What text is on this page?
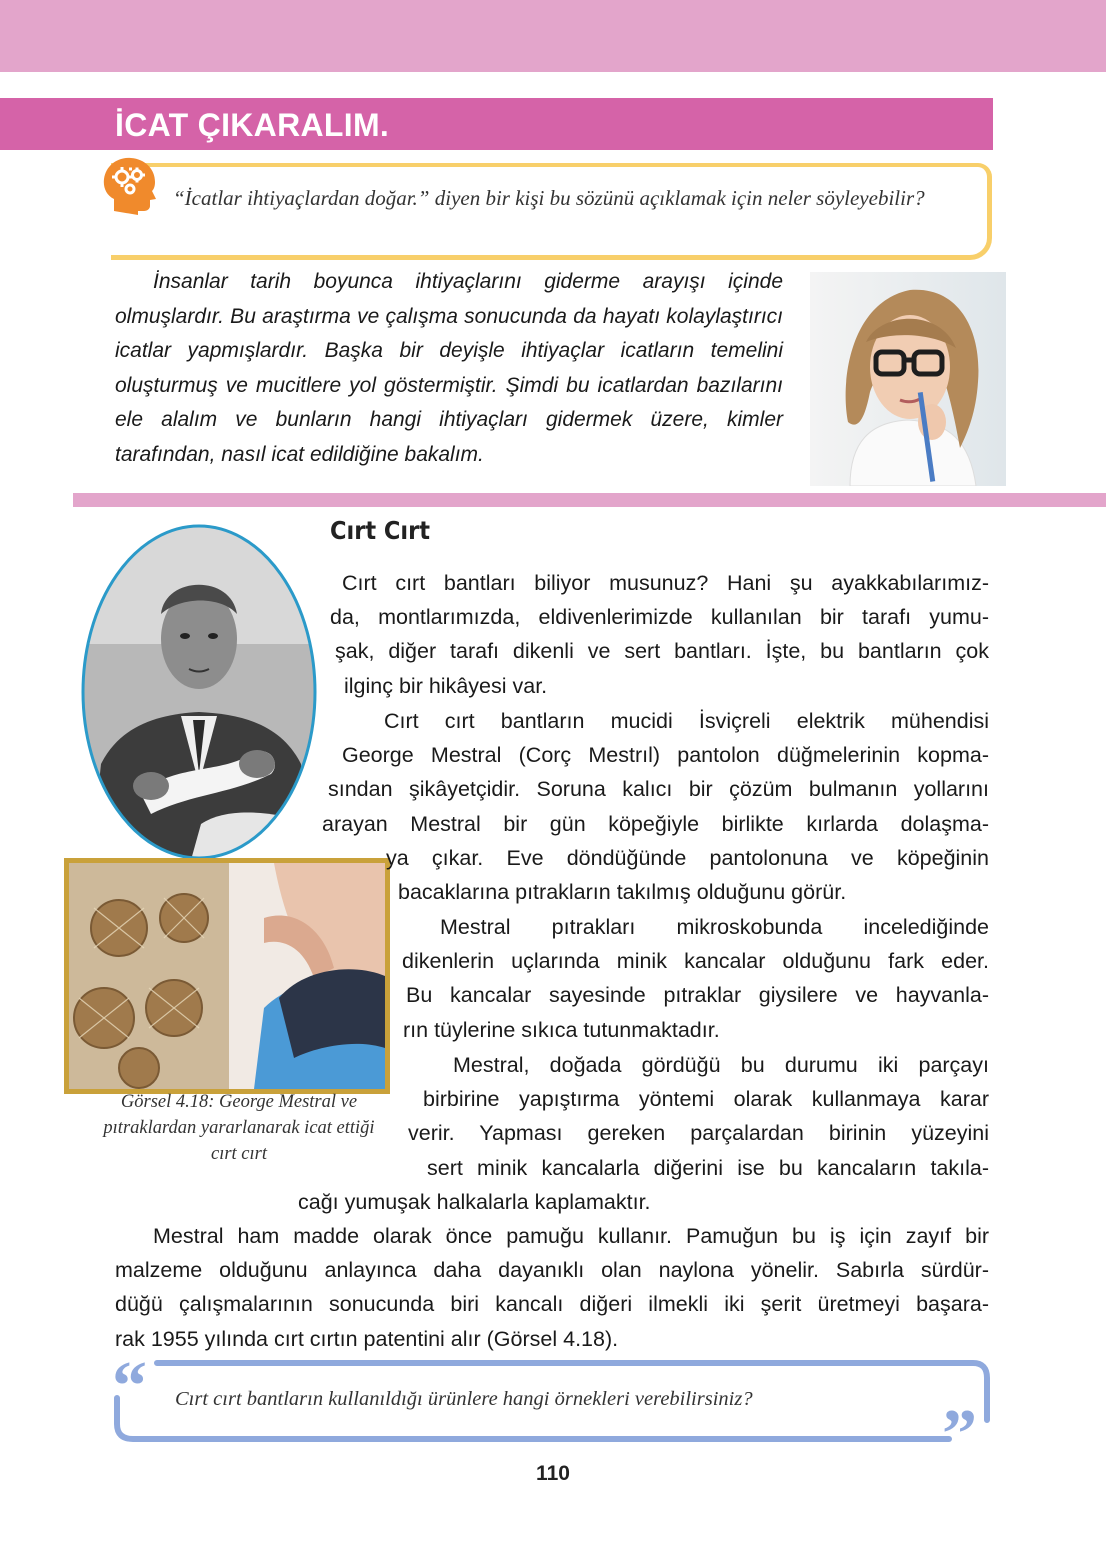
İCAT ÇIKARALIM.

“İcatlar ihtiyaçlardan doğar.” diyen bir kişi bu sözünü açıklamak için neler söyleyebilir?

İnsanlar tarih boyunca ihtiyaçlarını giderme arayışı içinde olmuşlardır. Bu araştırma ve çalışma sonucunda da hayatı kolaylaştırıcı icatlar yapmışlardır. Başka bir deyişle ihtiyaçlar icatların temelini oluşturmuş ve mucitlere yol göstermiştir. Şimdi bu icatlardan bazılarını ele alalım ve bunların hangi ihtiyaçları gidermek üzere, kimler tarafından, nasıl icat edildiğine bakalım.

Cırt Cırt
Cırt cırt bantları biliyor musunuz? Hani şu ayakkabılarımız-
da, montlarımızda, eldivenlerimizde kullanılan bir tarafı yumu-
şak, diğer tarafı dikenli ve sert bantları. İşte, bu bantların çok
ilginç bir hikâyesi var.
Cırt cırt bantların mucidi İsviçreli elektrik mühendisi
George Mestral (Corç Mestrıl) pantolon düğmelerinin kopma-
sından şikâyetçidir. Soruna kalıcı bir çözüm bulmanın yollarını
arayan Mestral bir gün köpeğiyle birlikte kırlarda dolaşma-
ya çıkar. Eve döndüğünde pantolonuna ve köpeğinin
bacaklarına pıtrakların takılmış olduğunu görür.
Mestral pıtrakları mikroskobunda incelediğinde
dikenlerin uçlarında minik kancalar olduğunu fark eder.
Bu kancalar sayesinde pıtraklar giysilere ve hayvanla-
rın tüylerine sıkıca tutunmaktadır.
Mestral, doğada gördüğü bu durumu iki parçayı
birbirine yapıştırma yöntemi olarak kullanmaya karar
verir. Yapması gereken parçalardan birinin yüzeyini
sert minik kancalarla diğerini ise bu kancaların takıla-
cağı yumuşak halkalarla kaplamaktır.
Görsel 4.18: George Mestral ve
pıtraklardan yararlanarak icat ettiği
cırt cırt
Mestral ham madde olarak önce pamuğu kullanır. Pamuğun bu iş için zayıf bir
malzeme olduğunu anlayınca daha dayanıklı olan naylona yönelir. Sabırla sürdür-
düğü çalışmalarının sonucunda biri kancalı diğeri ilmekli iki şerit üretmeyi başara-
rak 1955 yılında cırt cırtın patentini alır (Görsel 4.18).
“
”

Cırt cırt bantların kullanıldığı ürünlere hangi örnekleri verebilirsiniz?

110
